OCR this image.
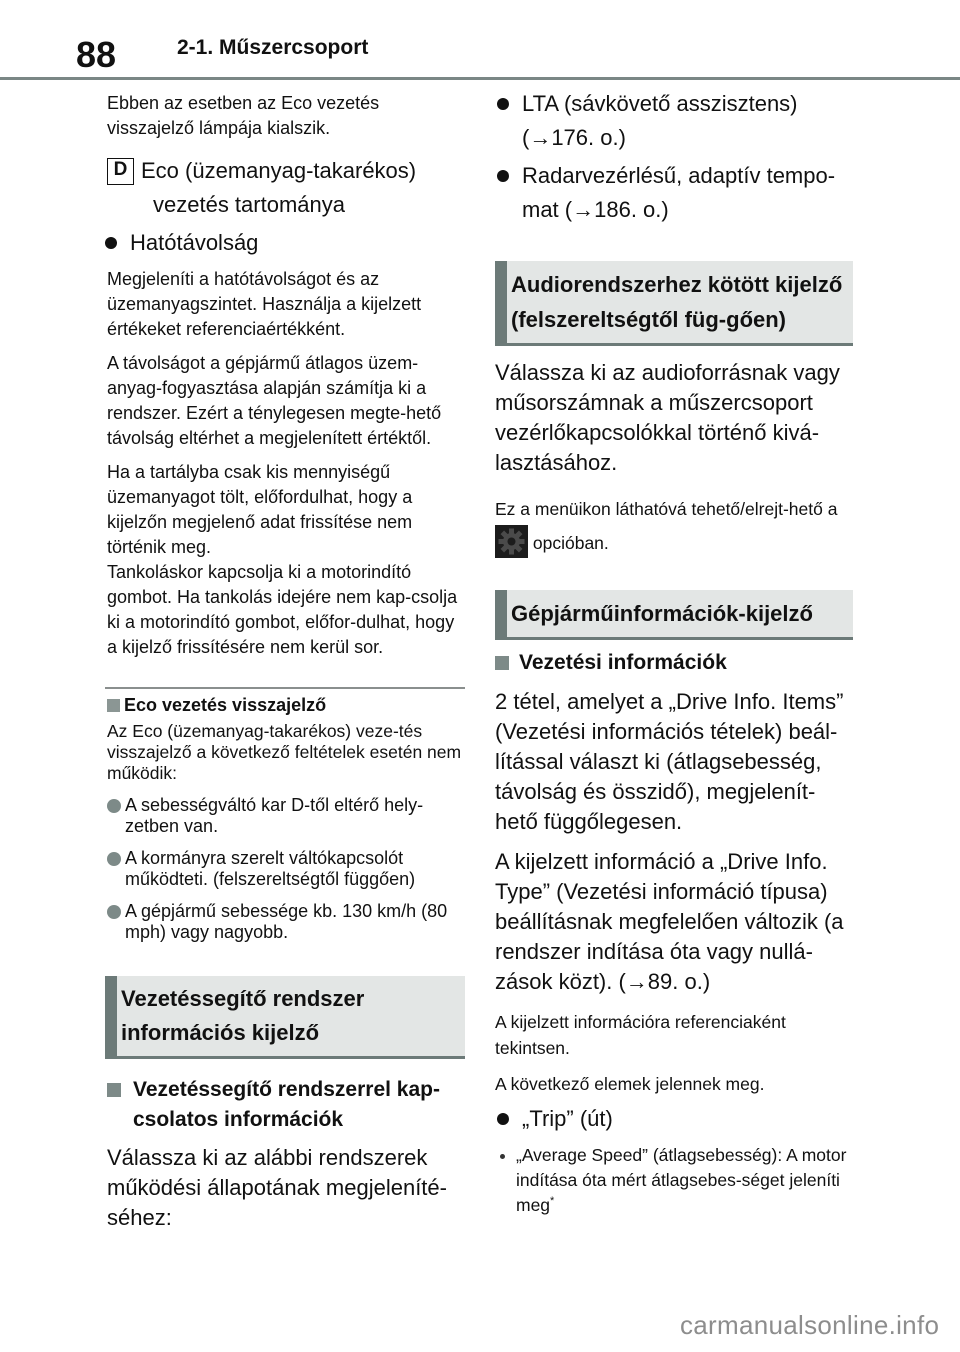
88	2-1. Műszercsoport

Ebben az esetben az Eco vezetés visszajelző lámpája kialszik.

D Eco (üzemanyag-takarékos)
vezetés tartománya
Hatótávolság

Megjeleníti a hatótávolságot és az üzemanyagszintet. Használja a kijelzett értékeket referenciaértékként.

A távolságot a gépjármű átlagos üzem-anyag-fogyasztása alapján számítja ki a rendszer. Ezért a ténylegesen megte-hető távolság eltérhet a megjelenített értéktől.

Ha a tartályba csak kis mennyiségű üzemanyagot tölt, előfordulhat, hogy a kijelzőn megjelenő adat frissítése nem történik meg.

Tankoláskor kapcsolja ki a motorindító gombot. Ha tankolás idejére nem kap-csolja ki a motorindító gombot, előfor-dulhat, hogy a kijelző frissítésére nem kerül sor.

Eco vezetés visszajelző

Az Eco (üzemanyag-takarékos) veze-tés visszajelző a következő feltételek esetén nem működik:

A sebességváltó kar D-től eltérő hely-zetben van.
A kormányra szerelt váltókapcsolót működteti. (felszereltségtől függően)
A gépjármű sebessége kb. 130 km/h (80 mph) vagy nagyobb.
Vezetéssegítő rendszer információs kijelző
Vezetéssegítő rendszerrel kap-csolatos információk

Válassza ki az alábbi rendszerek működési állapotának megjeleníté-séhez:

LTA (sávkövető asszisztens)
(→176. o.)
Radarvezérlésű, adaptív tempo-
mat (→186. o.)
Audiorendszerhez kötött kijelző (felszereltségtől füg-gően)

Válassza ki az audioforrásnak vagy műsorszámnak a műszercsoport vezérlőkapcsolókkal történő kivá-lasztásához.

Ez a menüikon láthatóvá tehető/elrejt-hető a
opcióban.

Gépjárműinformációk-kijelző
Vezetési információk

2 tétel, amelyet a „Drive Info. Items” (Vezetési információs tételek) beál-lítással választ ki (átlagsebesség, távolság és összidő), megjelenít-hető függőlegesen.

A kijelzett információ a „Drive Info. Type” (Vezetési információ típusa) beállításnak megfelelően változik (a rendszer indítása óta vagy nullá-zások közt). (→89. o.)

A kijelzett információra referenciaként tekintsen.

A következő elemek jelennek meg.

„Trip” (út)
„Average Speed” (átlagsebesség): A motor indítása óta mért átlagsebes-séget jeleníti meg*
carmanualsonline.info
